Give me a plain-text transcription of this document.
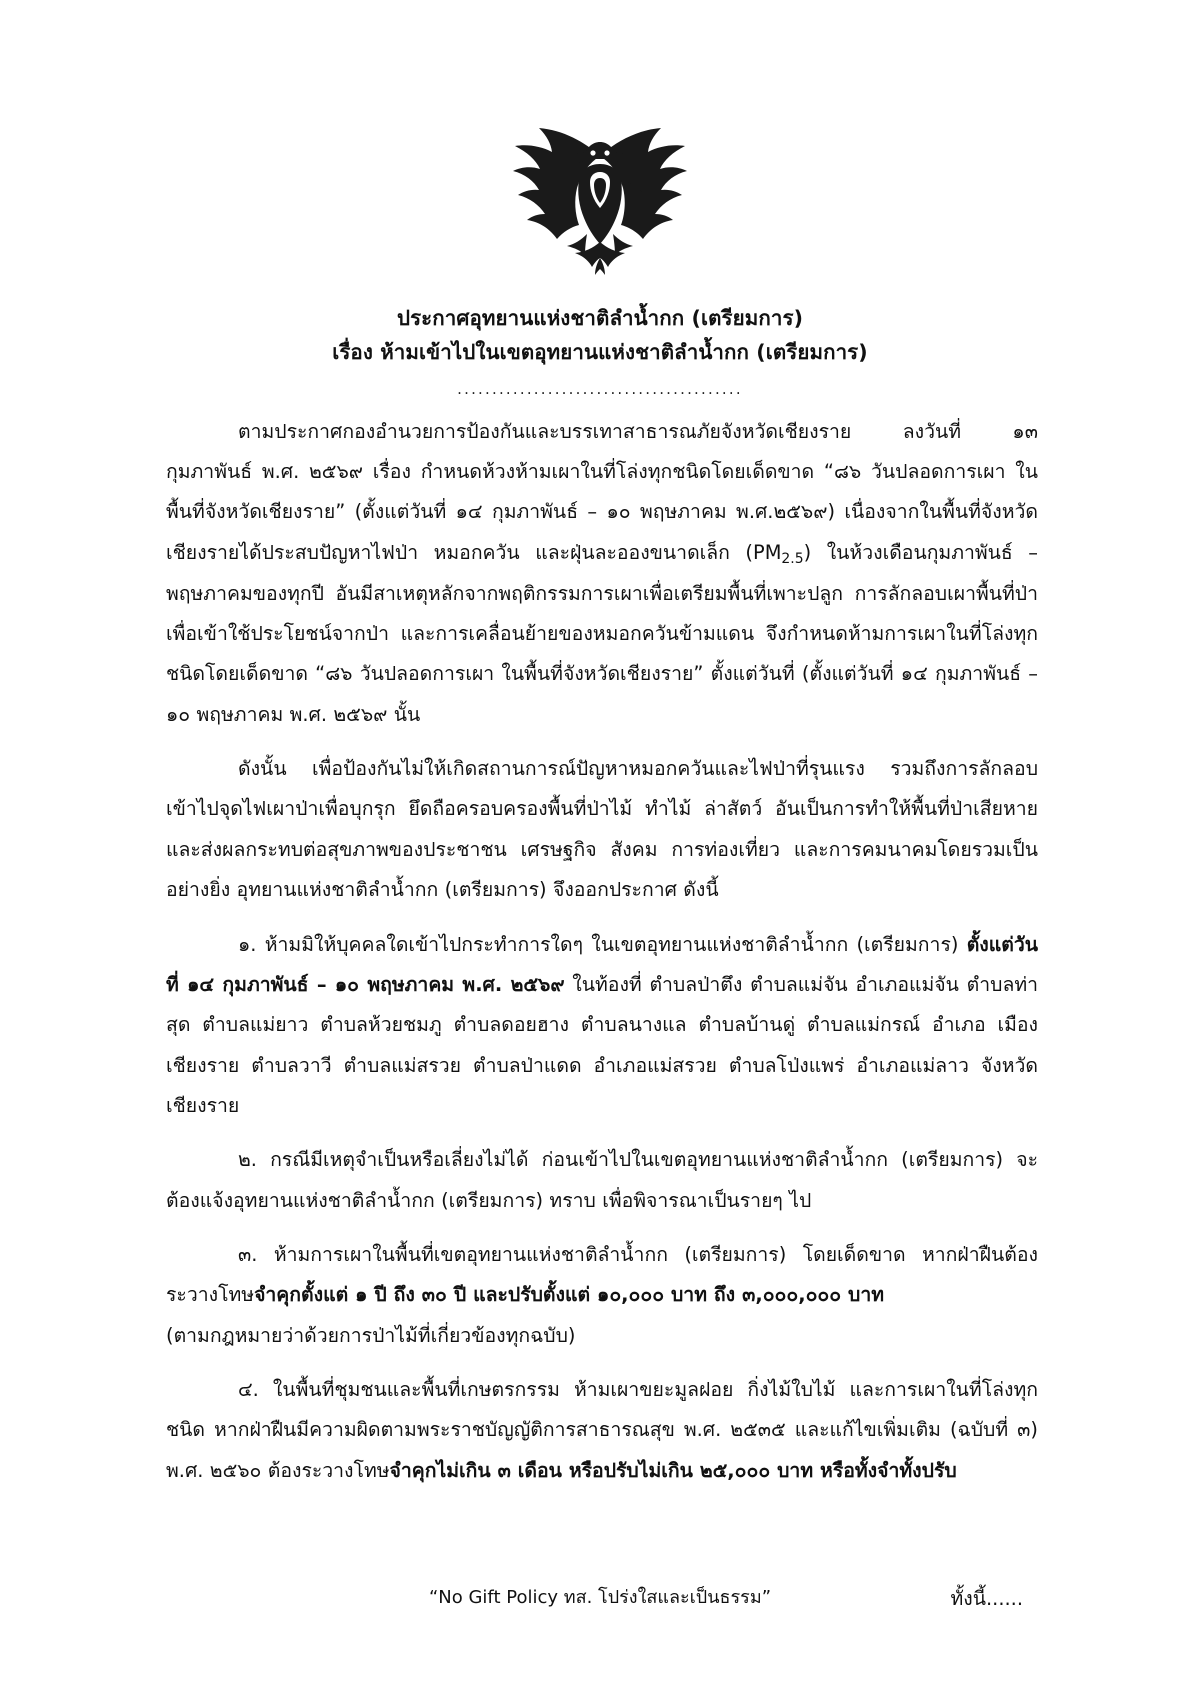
ประกาศอุทยานแห่งชาติลำน้ำกก (เตรียมการ)
เรื่อง ห้ามเข้าไปในเขตอุทยานแห่งชาติลำน้ำกก (เตรียมการ)
.........................................

ตามประกาศกองอำนวยการป้องกันและบรรเทาสาธารณภัยจังหวัดเชียงราย ลงวันที่ ๑๓ กุมภาพันธ์ พ.ศ. ๒๕๖๙ เรื่อง กำหนดห้วงห้ามเผาในที่โล่งทุกชนิดโดยเด็ดขาด “๘๖ วันปลอดการเผา ในพื้นที่จังหวัดเชียงราย” (ตั้งแต่วันที่ ๑๔ กุมภาพันธ์ – ๑๐ พฤษภาคม พ.ศ.๒๕๖๙) เนื่องจากในพื้นที่จังหวัดเชียงรายได้ประสบปัญหาไฟป่า หมอกควัน และฝุ่นละอองขนาดเล็ก $(PM_{2.5})$ ในห้วงเดือนกุมภาพันธ์ – พฤษภาคมของทุกปี อันมีสาเหตุหลักจากพฤติกรรมการเผาเพื่อเตรียมพื้นที่เพาะปลูก การลักลอบเผาพื้นที่ป่าเพื่อเข้าใช้ประโยชน์จากป่า และการเคลื่อนย้ายของหมอกควันข้ามแดน จึงกำหนดห้ามการเผาในที่โล่งทุกชนิดโดยเด็ดขาด “๘๖ วันปลอดการเผา ในพื้นที่จังหวัดเชียงราย” ตั้งแต่วันที่ (ตั้งแต่วันที่ ๑๔ กุมภาพันธ์ – ๑๐ พฤษภาคม พ.ศ. ๒๕๖๙ นั้น

ดังนั้น เพื่อป้องกันไม่ให้เกิดสถานการณ์ปัญหาหมอกควันและไฟป่าที่รุนแรง รวมถึงการลักลอบเข้าไปจุดไฟเผาป่าเพื่อบุกรุก ยึดถือครอบครองพื้นที่ป่าไม้ ทำไม้ ล่าสัตว์ อันเป็นการทำให้พื้นที่ป่าเสียหาย และส่งผลกระทบต่อสุขภาพของประชาชน เศรษฐกิจ สังคม การท่องเที่ยว และการคมนาคมโดยรวมเป็นอย่างยิ่ง อุทยานแห่งชาติลำน้ำกก (เตรียมการ) จึงออกประกาศ ดังนี้

๑. ห้ามมิให้บุคคลใดเข้าไปกระทำการใดๆ ในเขตอุทยานแห่งชาติลำน้ำกก (เตรียมการ) ตั้งแต่วันที่ ๑๔ กุมภาพันธ์ – ๑๐ พฤษภาคม พ.ศ. ๒๕๖๙ ในท้องที่ ตำบลป่าตึง ตำบลแม่จัน อำเภอแม่จัน ตำบลท่าสุด ตำบลแม่ยาว ตำบลห้วยชมภู ตำบลดอยฮาง ตำบลนางแล ตำบลบ้านดู่ ตำบลแม่กรณ์ อำเภอ เมืองเชียงราย ตำบลวาวี ตำบลแม่สรวย ตำบลป่าแดด อำเภอแม่สรวย ตำบลโป่งแพร่ อำเภอแม่ลาว จังหวัดเชียงราย

๒. กรณีมีเหตุจำเป็นหรือเลี่ยงไม่ได้ ก่อนเข้าไปในเขตอุทยานแห่งชาติลำน้ำกก (เตรียมการ) จะต้องแจ้งอุทยานแห่งชาติลำน้ำกก (เตรียมการ) ทราบ เพื่อพิจารณาเป็นรายๆ ไป

๓. ห้ามการเผาในพื้นที่เขตอุทยานแห่งชาติลำน้ำกก (เตรียมการ) โดยเด็ดขาด หากฝ่าฝืนต้องระวางโทษจำคุกตั้งแต่ ๑ ปี ถึง ๓๐ ปี และปรับตั้งแต่ ๑๐,๐๐๐ บาท ถึง ๓,๐๐๐,๐๐๐ บาท

(ตามกฎหมายว่าด้วยการป่าไม้ที่เกี่ยวข้องทุกฉบับ)

๔. ในพื้นที่ชุมชนและพื้นที่เกษตรกรรม ห้ามเผาขยะมูลฝอย กิ่งไม้ใบไม้ และการเผาในที่โล่งทุกชนิด หากฝ่าฝืนมีความผิดตามพระราชบัญญัติการสาธารณสุข พ.ศ. ๒๕๓๕ และแก้ไขเพิ่มเติม (ฉบับที่ ๓) พ.ศ. ๒๕๖๐ ต้องระวางโทษจำคุกไม่เกิน ๓ เดือน หรือปรับไม่เกิน ๒๕,๐๐๐ บาท หรือทั้งจำทั้งปรับ

ทั้งนี้......
“No Gift Policy ทส. โปร่งใสและเป็นธรรม”
